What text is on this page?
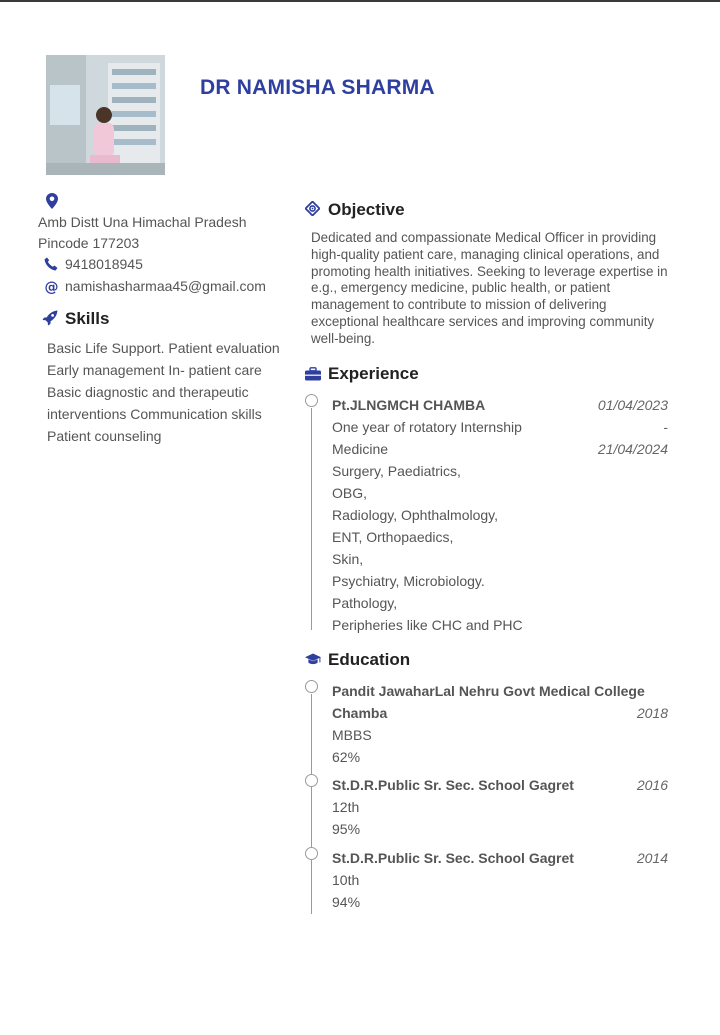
DR NAMISHA SHARMA
Amb Distt Una Himachal Pradesh
Pincode 177203
9418018945
@ namishasharmaa45@gmail.com
Skills
Basic Life Support. Patient evaluation
Early management In- patient care
Basic diagnostic and therapeutic
interventions Communication skills
Patient counseling
Objective
Dedicated and compassionate Medical Officer in providing high-quality patient care, managing clinical operations, and promoting health initiatives. Seeking to leverage expertise in e.g., emergency medicine, public health, or patient management to contribute to mission of delivering exceptional healthcare services and improving community well-being.
Experience
Pt.JLNGMCH CHAMBA	01/04/2023
One year of rotatory Internship	-
Medicine	21/04/2024
Surgery, Paediatrics,
OBG,
Radiology, Ophthalmology,
ENT, Orthopaedics,
Skin,
Psychiatry, Microbiology.
Pathology,
Peripheries like CHC and PHC
Education
Pandit JawaharLal Nehru Govt Medical College
Chamba	2018
MBBS
62%
St.D.R.Public Sr. Sec. School Gagret	2016
12th
95%
St.D.R.Public Sr. Sec. School Gagret	2014
10th
94%
